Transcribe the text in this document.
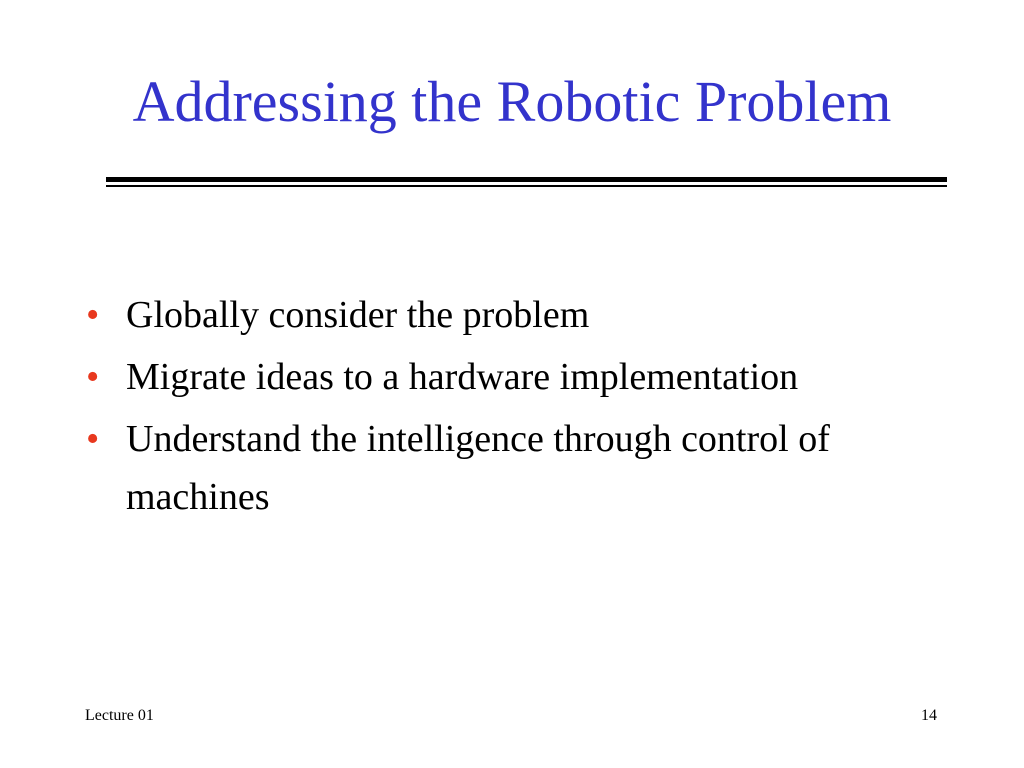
Addressing the Robotic Problem
• Globally consider the problem
• Migrate ideas to a hardware implementation
• Understand the intelligence through control of machines
Lecture 01	14
